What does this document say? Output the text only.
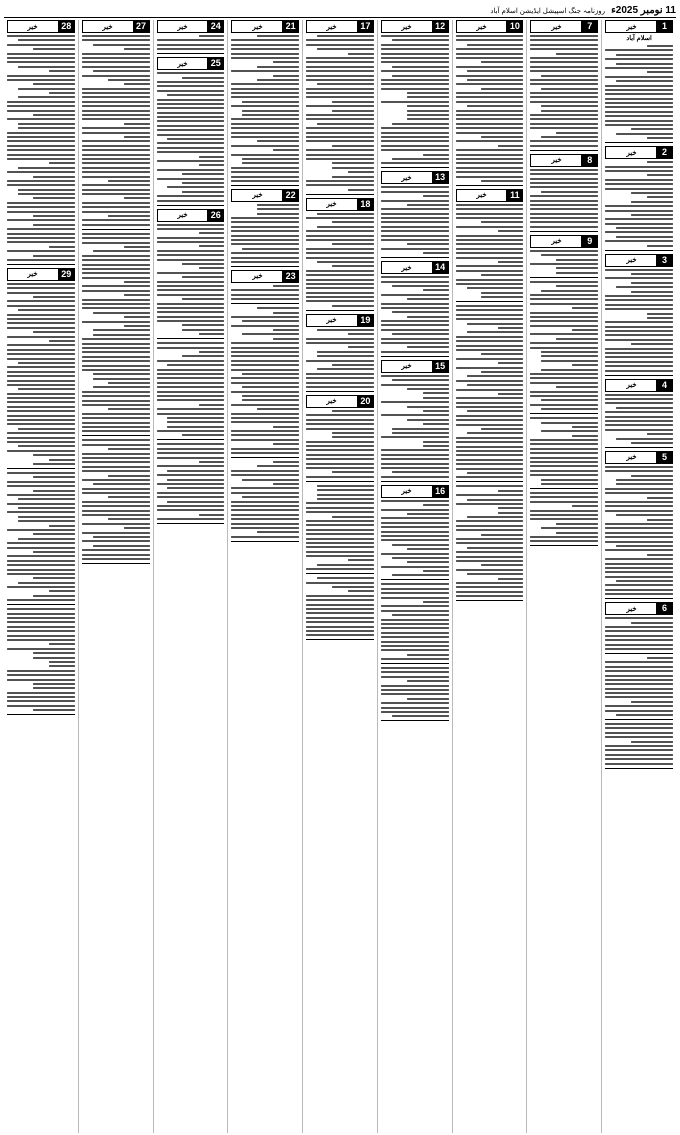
11 نومبر 2025ء
روزنامہ جنگ اسپیشل ایڈیشن اسلام آباد
1
خبر
اسلام آباد
2
خبر
3
خبر
4
خبر
5
خبر
6
خبر
7
خبر
8
خبر
9
خبر
10
خبر
11
خبر
12
خبر
13
خبر
14
خبر
15
خبر
16
خبر
17
خبر
18
خبر
19
خبر
20
خبر
21
خبر
22
خبر
23
خبر
24
خبر
25
خبر
26
خبر
27
خبر
28
خبر
29
خبر
